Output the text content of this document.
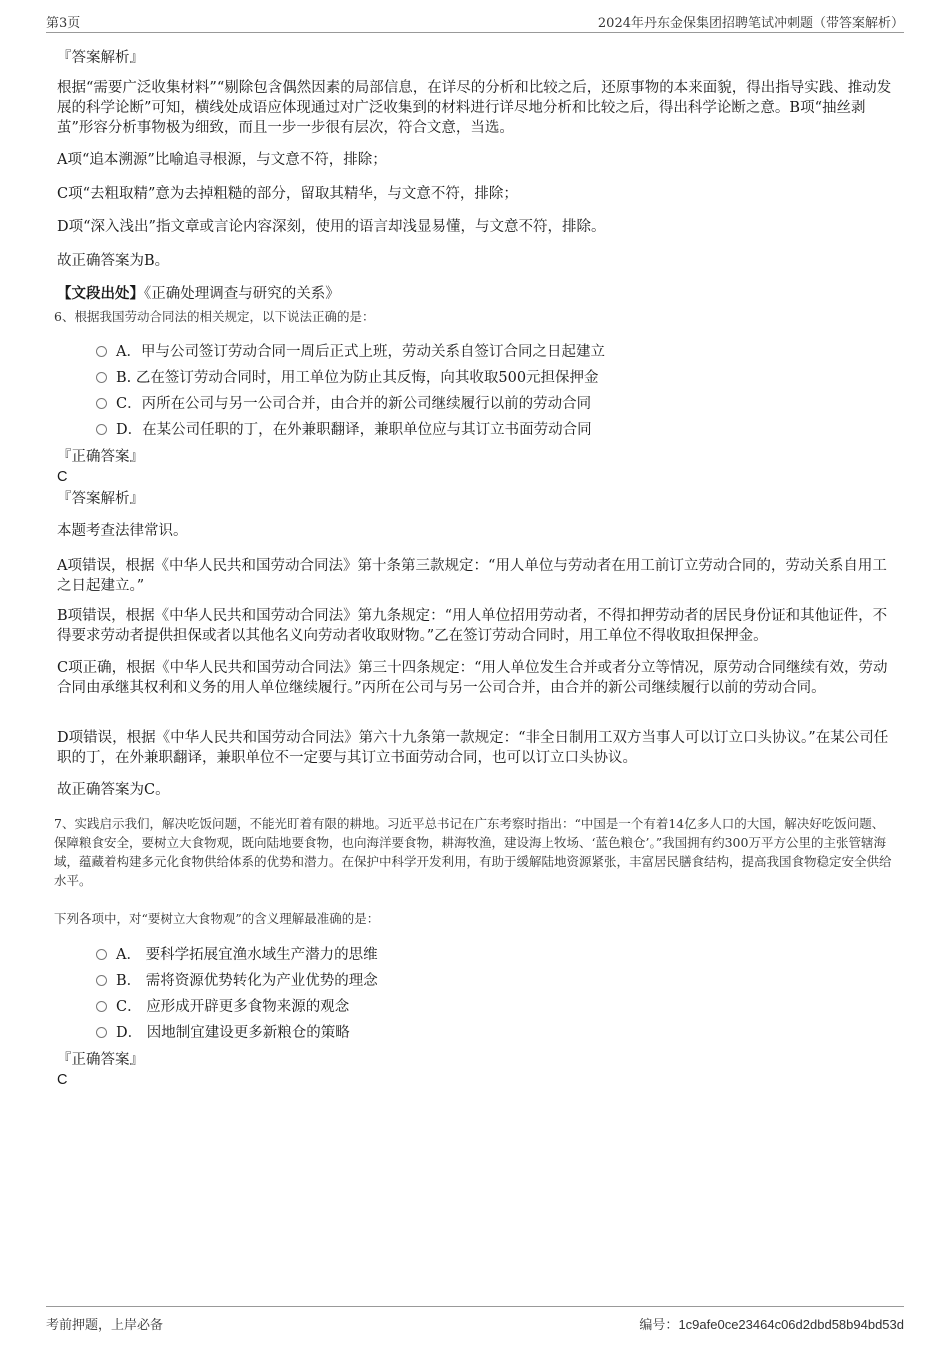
第3页	2024年丹东金保集团招聘笔试冲刺题（带答案解析）
『答案解析』
根据“需要广泛收集材料”“剔除包含偶然因素的局部信息，在详尽的分析和比较之后，还原事物的本来面貌，得出指导实践、推动发展的科学论断”可知，横线处成语应体现通过对广泛收集到的材料进行详尽地分析和比较之后，得出科学论断之意。B项“抽丝剥茧”形容分析事物极为细致，而且一步一步很有层次，符合文意，当选。
A项“追本溯源”比喻追寻根源，与文意不符，排除；
C项“去粗取精”意为去掉粗糙的部分，留取其精华，与文意不符，排除；
D项“深入浅出”指文章或言论内容深刻，使用的语言却浅显易懂，与文意不符，排除。
故正确答案为B。
【文段出处】《正确处理调查与研究的关系》
6、根据我国劳动合同法的相关规定，以下说法正确的是：
A．甲与公司签订劳动合同一周后正式上班，劳动关系自签订合同之日起建立
B. 乙在签订劳动合同时，用工单位为防止其反悔，向其收取500元担保押金
C．丙所在公司与另一公司合并，由合并的新公司继续履行以前的劳动合同
D．在某公司任职的丁，在外兼职翻译，兼职单位应与其订立书面劳动合同
『正确答案』
C
『答案解析』
本题考查法律常识。
A项错误，根据《中华人民共和国劳动合同法》第十条第三款规定：“用人单位与劳动者在用工前订立劳动合同的，劳动关系自用工之日起建立。”
B项错误，根据《中华人民共和国劳动合同法》第九条规定：“用人单位招用劳动者，不得扣押劳动者的居民身份证和其他证件，不得要求劳动者提供担保或者以其他名义向劳动者收取财物。”乙在签订劳动合同时，用工单位不得收取担保押金。
C项正确，根据《中华人民共和国劳动合同法》第三十四条规定：“用人单位发生合并或者分立等情况，原劳动合同继续有效，劳动合同由承继其权利和义务的用人单位继续履行。”丙所在公司与另一公司合并，由合并的新公司继续履行以前的劳动合同。
D项错误，根据《中华人民共和国劳动合同法》第六十九条第一款规定：“非全日制用工双方当事人可以订立口头协议。”在某公司任职的丁，在外兼职翻译，兼职单位不一定要与其订立书面劳动合同，也可以订立口头协议。
故正确答案为C。
7、实践启示我们，解决吃饭问题，不能光盯着有限的耕地。习近平总书记在广东考察时指出：“中国是一个有着14亿多人口的大国，解决好吃饭问题、保障粮食安全，要树立大食物观，既向陆地要食物，也向海洋要食物，耕海牧渔，建设海上牧场、‘蓝色粮仓’。”我国拥有约300万平方公里的主张管辖海域，蕴藏着构建多元化食物供给体系的优势和潜力。在保护中科学开发利用，有助于缓解陆地资源紧张，丰富居民膳食结构，提高我国食物稳定安全供给水平。
下列各项中，对“要树立大食物观”的含义理解最准确的是：
A． 要科学拓展宜渔水域生产潜力的思维
B． 需将资源优势转化为产业优势的理念
C． 应形成开辟更多食物来源的观念
D． 因地制宜建设更多新粮仓的策略
『正确答案』
C
考前押题，上岸必备	编号：1c9afe0ce23464c06d2dbd58b94bd53d
